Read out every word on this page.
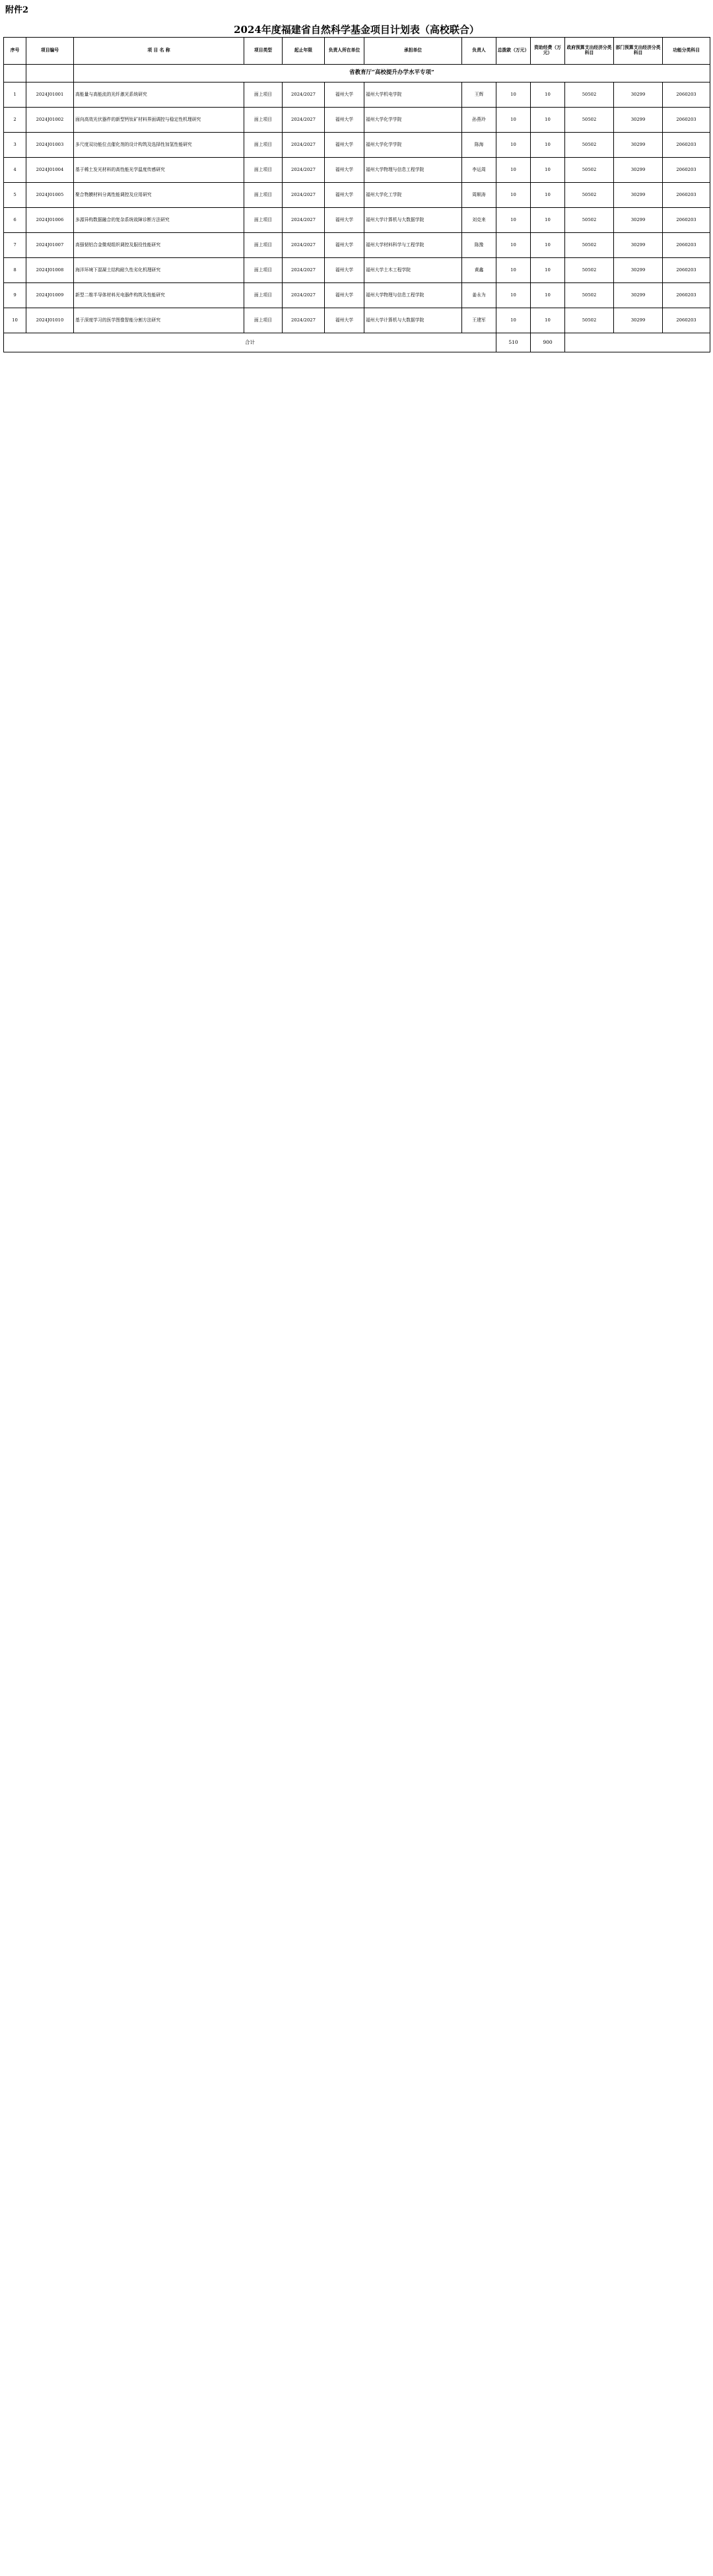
附件2
2024年度福建省自然科学基金项目计划表（高校联合）
序号	项目编号	项 目 名 称	项目类型	起止年限	负责人所在单位	承担单位	负责人	总拨款（万元）	资助经费（万元）	政府预算支出经济分类科目	部门预算支出经济分类科目	功能分类科目
		省教育厅“高校提升办学水平专项”										
1	2024J01001	高能量与高能流的光纤激光系统研究	面上项目	2024/2027	福州大学	福州大学机电学院	王辉	10	10	50502	30299	2060203
2	2024J01002	面向高效光伏器件的新型钙钛矿材料界面调控与稳定性机理研究	面上项目	2024/2027	福州大学	福州大学化学学院	孙燕玲	10	10	50502	30299	2060203
3	2024J01003	多尺度双功能位点催化剂的设计构筑及选择性加氢性能研究	面上项目	2024/2027	福州大学	福州大学化学学院	陈海	10	10	50502	30299	2060203
4	2024J01004	基于稀土发光材料的高性能光学温度传感研究	面上项目	2024/2027	福州大学	福州大学物理与信息工程学院	李运周	10	10	50502	30299	2060203
5	2024J01005	聚合物膜材料分离性能调控及应用研究	面上项目	2024/2027	福州大学	福州大学化工学院	周顺涛	10	10	50502	30299	2060203
6	2024J01006	多源异构数据融合的复杂系统故障诊断方法研究	面上项目	2024/2027	福州大学	福州大学计算机与大数据学院	刘克来	10	10	50502	30299	2060203
7	2024J01007	高强韧铝合金微观组织调控及服役性能研究	面上项目	2024/2027	福州大学	福州大学材料科学与工程学院	陈豫	10	10	50502	30299	2060203
8	2024J01008	海洋环境下混凝土结构耐久性劣化机理研究	面上项目	2024/2027	福州大学	福州大学土木工程学院	黄鑫	10	10	50502	30299	2060203
9	2024J01009	新型二维半导体材料光电器件构筑及性能研究	面上项目	2024/2027	福州大学	福州大学物理与信息工程学院	姜永为	10	10	50502	30299	2060203
10	2024J01010	基于深度学习的医学图像智能分割方法研究	面上项目	2024/2027	福州大学	福州大学计算机与大数据学院	王建军	10	10	50502	30299	2060203
合计								510	900			
